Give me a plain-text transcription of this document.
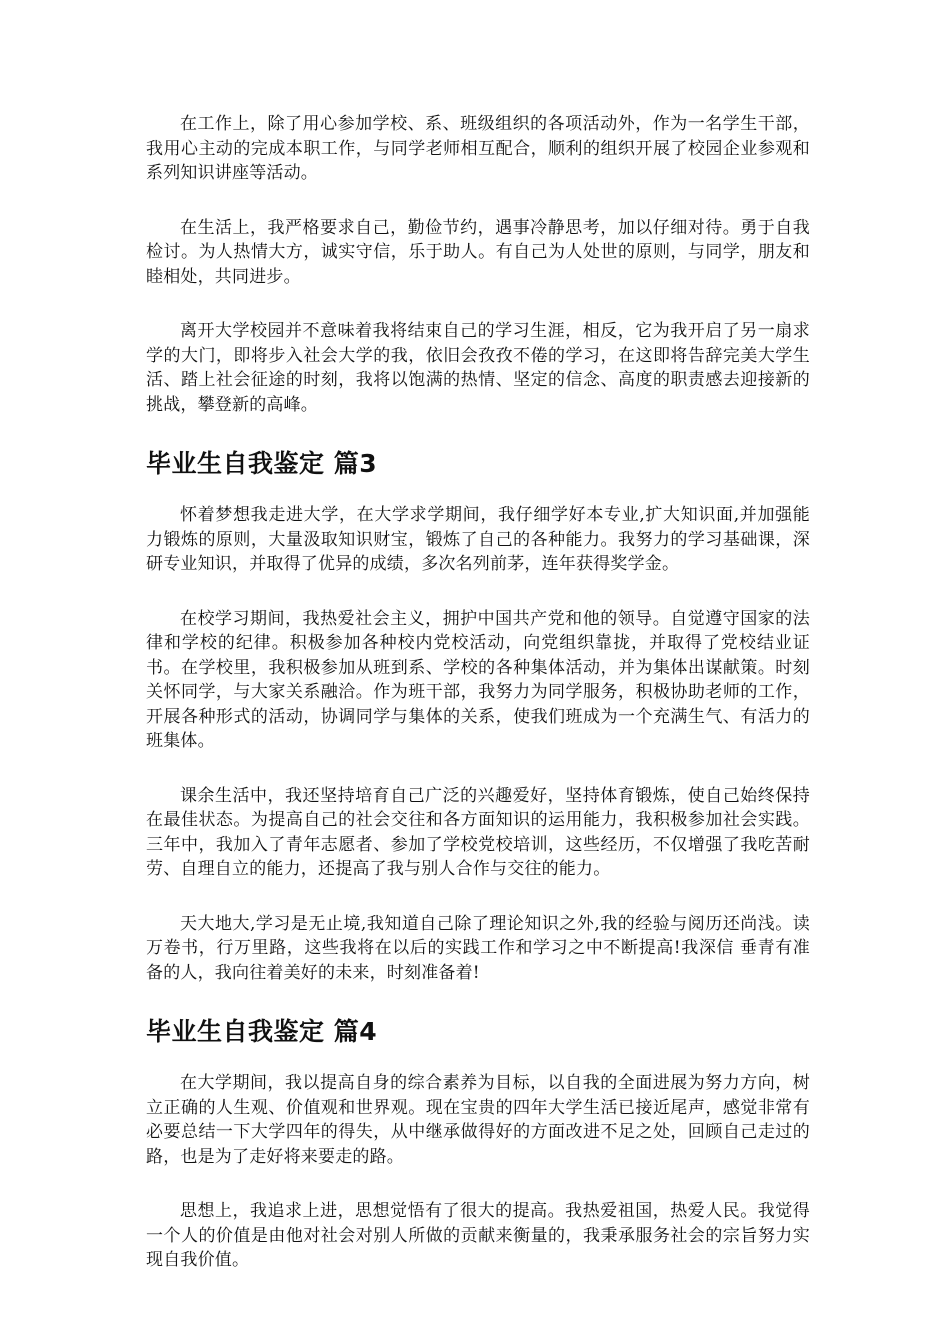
在工作上，除了用心参加学校、系、班级组织的各项活动外，作为一名学生干部，我用心主动的完成本职工作，与同学老师相互配合，顺利的组织开展了校园企业参观和系列知识讲座等活动。

在生活上，我严格要求自己，勤俭节约，遇事冷静思考，加以仔细对待。勇于自我检讨。为人热情大方，诚实守信，乐于助人。有自己为人处世的原则，与同学，朋友和睦相处，共同进步。

离开大学校园并不意味着我将结束自己的学习生涯，相反，它为我开启了另一扇求学的大门，即将步入社会大学的我，依旧会孜孜不倦的学习，在这即将告辞完美大学生活、踏上社会征途的时刻，我将以饱满的热情、坚定的信念、高度的职责感去迎接新的挑战，攀登新的高峰。

毕业生自我鉴定 篇3

怀着梦想我走进大学，在大学求学期间，我仔细学好本专业,扩大知识面,并加强能力锻炼的原则，大量汲取知识财宝，锻炼了自己的各种能力。我努力的学习基础课，深研专业知识，并取得了优异的成绩，多次名列前茅，连年获得奖学金。

在校学习期间，我热爱社会主义，拥护中国共产党和他的领导。自觉遵守国家的法律和学校的纪律。积极参加各种校内党校活动，向党组织靠拢，并取得了党校结业证书。在学校里，我积极参加从班到系、学校的各种集体活动，并为集体出谋献策。时刻关怀同学，与大家关系融洽。作为班干部，我努力为同学服务，积极协助老师的工作，开展各种形式的活动，协调同学与集体的关系，使我们班成为一个充满生气、有活力的班集体。

课余生活中，我还坚持培育自己广泛的兴趣爱好，坚持体育锻炼，使自己始终保持在最佳状态。为提高自己的社会交往和各方面知识的运用能力，我积极参加社会实践。三年中，我加入了青年志愿者、参加了学校党校培训，这些经历，不仅增强了我吃苦耐劳、自理自立的能力，还提高了我与别人合作与交往的能力。

天大地大,学习是无止境,我知道自己除了理论知识之外,我的经验与阅历还尚浅。读万卷书，行万里路，这些我将在以后的实践工作和学习之中不断提高!我深信 垂青有准备的人，我向往着美好的未来，时刻准备着!

毕业生自我鉴定 篇4

在大学期间，我以提高自身的综合素养为目标，以自我的全面进展为努力方向，树立正确的人生观、价值观和世界观。现在宝贵的四年大学生活已接近尾声，感觉非常有必要总结一下大学四年的得失，从中继承做得好的方面改进不足之处，回顾自己走过的路，也是为了走好将来要走的路。

思想上，我追求上进，思想觉悟有了很大的提高。我热爱祖国，热爱人民。我觉得一个人的价值是由他对社会对别人所做的贡献来衡量的，我秉承服务社会的宗旨努力实现自我价值。
